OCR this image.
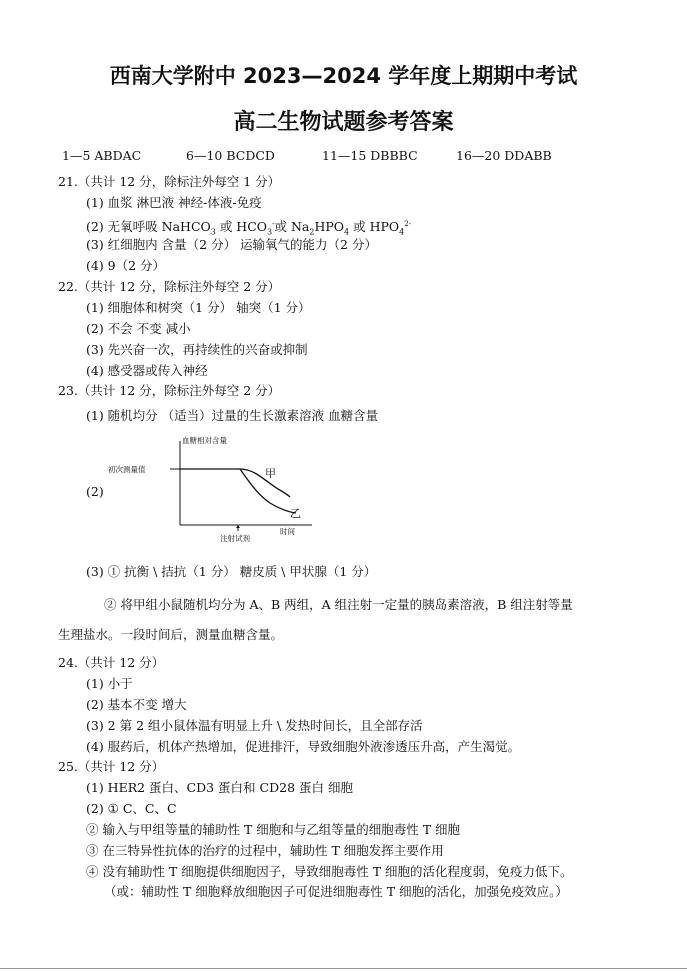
西南大学附中 2023—2024 学年度上期期中考试
高二生物试题参考答案
1—5 ABDAC	6—10 BCDCD	11—15 DBBBC	16—20 DDABB
21.（共计 12 分，除标注外每空 1 分）
(1) 血浆 淋巴液 神经-体液-免疫
(2) 无氧呼吸 NaHCO$_3$ 或 $HCO_3^-$或 $Na_2HPO_4$ 或 $HPO_4^{2-}$
(3) 红细胞内 含量（2 分） 运输氧气的能力（2 分）
(4) 9（2 分）
22.（共计 12 分，除标注外每空 2 分）
(1) 细胞体和树突（1 分） 轴突（1 分）
(2) 不会 不变 减小
(3) 先兴奋一次，再持续性的兴奋或抑制
(4) 感受器或传入神经
23.（共计 12 分，除标注外每空 2 分）
(1) 随机均分 （适当）过量的生长激素溶液 血糖含量
(2)
血糖相对含量
初次测量值	甲
乙
注射试剂
时间
(3) ① 抗衡 \ 拮抗（1 分） 糖皮质 \ 甲状腺（1 分）
② 将甲组小鼠随机均分为 A、B 两组，A 组注射一定量的胰岛素溶液，B 组注射等量
生理盐水。一段时间后，测量血糖含量。
24.（共计 12 分）
(1) 小于
(2) 基本不变 增大
(3) 2 第 2 组小鼠体温有明显上升 \ 发热时间长，且全部存活
(4) 服药后，机体产热增加，促进排汗，导致细胞外液渗透压升高，产生渴觉。
25.（共计 12 分）
(1) HER2 蛋白、CD3 蛋白和 CD28 蛋白 细胞
(2) ① C、C、C
② 输入与甲组等量的辅助性 T 细胞和与乙组等量的细胞毒性 T 细胞
③ 在三特异性抗体的治疗的过程中，辅助性 T 细胞发挥主要作用
④ 没有辅助性 T 细胞提供细胞因子，导致细胞毒性 T 细胞的活化程度弱，免疫力低下。
（或：辅助性 T 细胞释放细胞因子可促进细胞毒性 T 细胞的活化，加强免疫效应。）
